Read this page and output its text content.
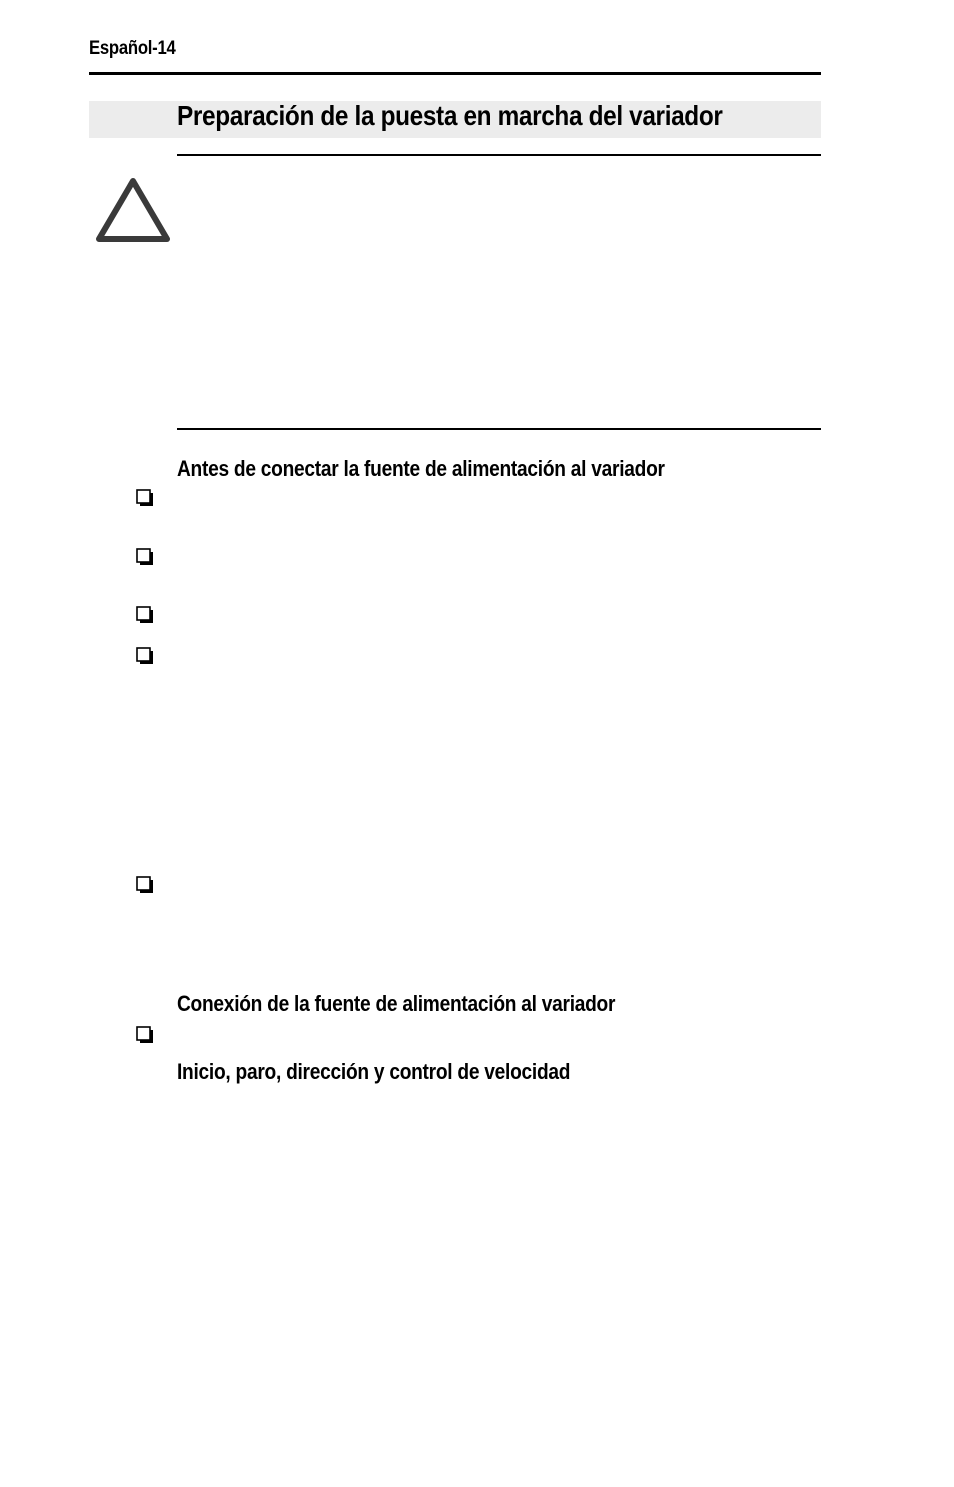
Español-14
Preparación de la puesta en marcha del variador
Antes de conectar la fuente de alimentación al variador
Conexión de la fuente de alimentación al variador
Inicio, paro, dirección y control de velocidad
